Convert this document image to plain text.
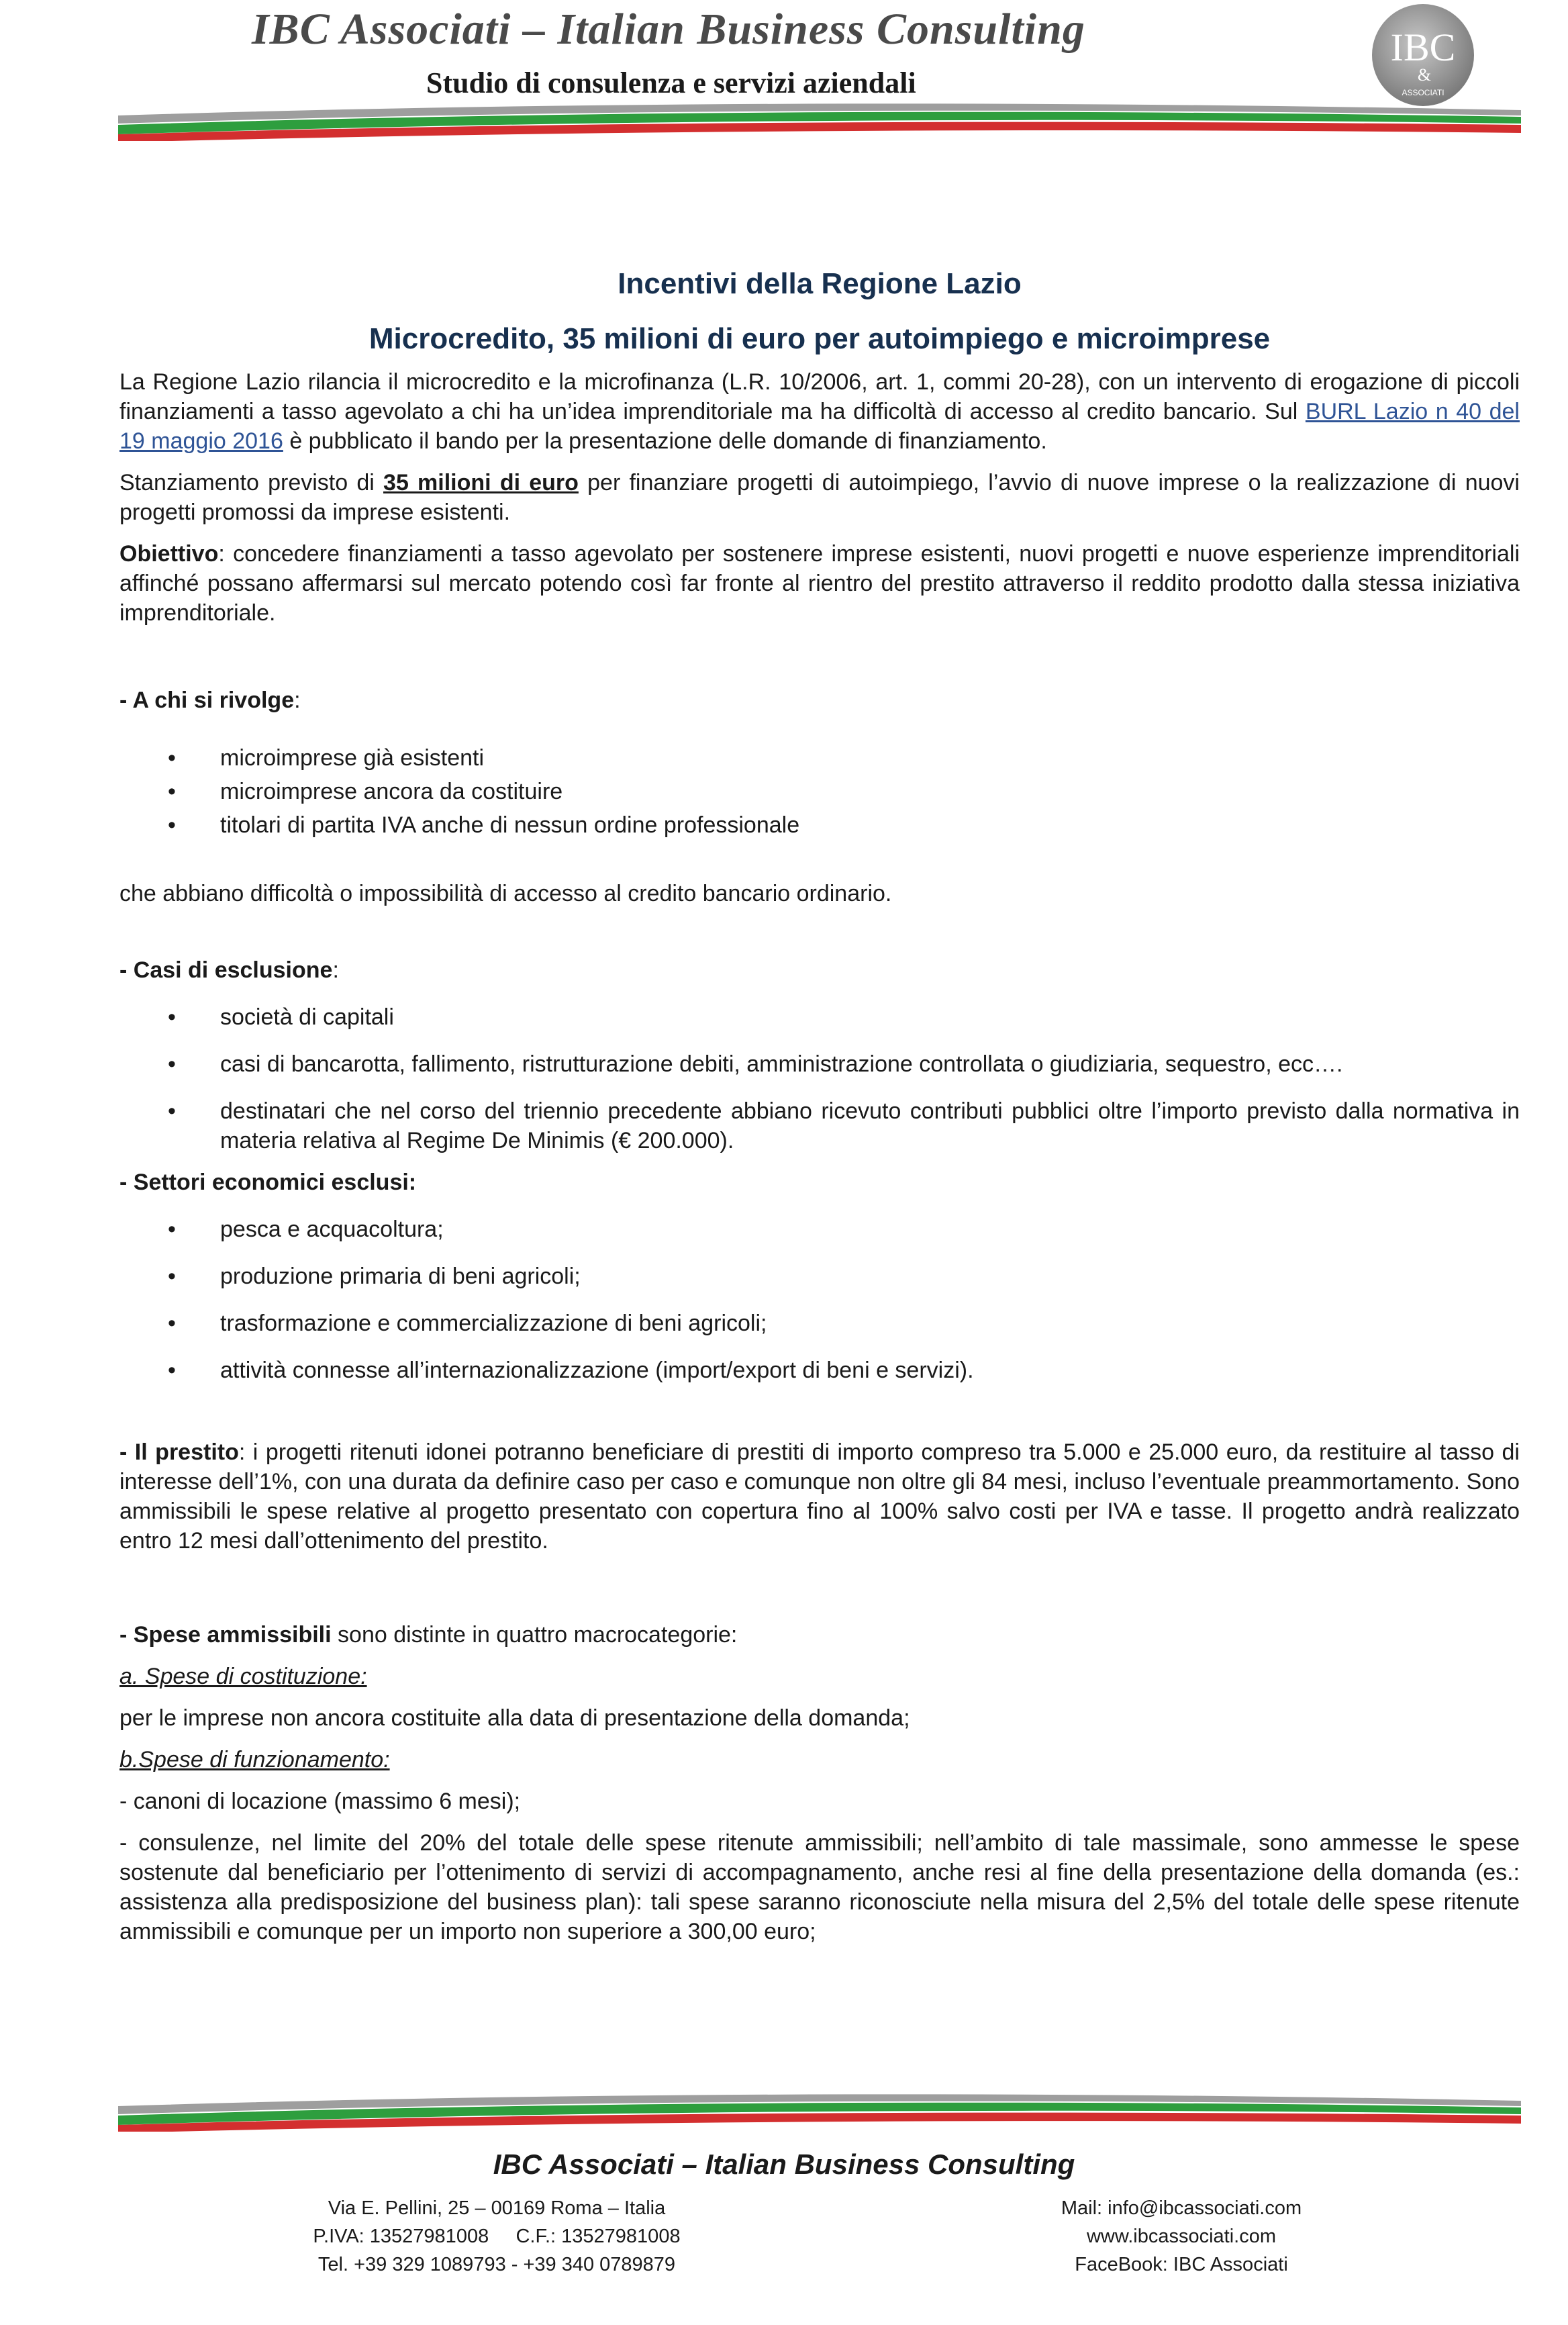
IBC Associati – Italian Business Consulting
Studio di consulenza e servizi aziendali
IBC
&
ASSOCIATI

Incentivi della Regione Lazio

Microcredito, 35 milioni di euro per autoimpiego e microimprese

La Regione Lazio rilancia il microcredito e la microfinanza (L.R. 10/2006, art. 1, commi 20-28), con un intervento di erogazione di piccoli finanziamenti a tasso agevolato a chi ha un’idea imprenditoriale ma ha difficoltà di accesso al credito bancario. Sul BURL Lazio n 40 del 19 maggio 2016 è pubblicato il bando per la presentazione delle domande di finanziamento.

Stanziamento previsto di 35 milioni di euro per finanziare progetti di autoimpiego, l’avvio di nuove imprese o la realizzazione di nuovi progetti promossi da imprese esistenti.

Obiettivo: concedere finanziamenti a tasso agevolato per sostenere imprese esistenti, nuovi progetti e nuove esperienze imprenditoriali affinché possano affermarsi sul mercato potendo così far fronte al rientro del prestito attraverso il reddito prodotto dalla stessa iniziativa imprenditoriale.

- A chi si rivolge:

• microimprese già esistenti
• microimprese ancora da costituire
• titolari di partita IVA anche di nessun ordine professionale

che abbiano difficoltà o impossibilità di accesso al credito bancario ordinario.

- Casi di esclusione:

• società di capitali
• casi di bancarotta, fallimento, ristrutturazione debiti, amministrazione controllata o giudiziaria, sequestro, ecc….
• destinatari che nel corso del triennio precedente abbiano ricevuto contributi pubblici oltre l’importo previsto dalla normativa in materia relativa al Regime De Minimis (€ 200.000).

- Settori economici esclusi:

• pesca e acquacoltura;
• produzione primaria di beni agricoli;
• trasformazione e commercializzazione di beni agricoli;
• attività connesse all’internazionalizzazione (import/export di beni e servizi).

- Il prestito: i progetti ritenuti idonei potranno beneficiare di prestiti di importo compreso tra 5.000 e 25.000 euro, da restituire al tasso di interesse dell’1%, con una durata da definire caso per caso e comunque non oltre gli 84 mesi, incluso l’eventuale preammortamento. Sono ammissibili le spese relative al progetto presentato con copertura fino al 100% salvo costi per IVA e tasse. Il progetto andrà realizzato entro 12 mesi dall’ottenimento del prestito.

- Spese ammissibili sono distinte in quattro macrocategorie:

a. Spese di costituzione:

per le imprese non ancora costituite alla data di presentazione della domanda;

b.Spese di funzionamento:

- canoni di locazione (massimo 6 mesi);

- consulenze, nel limite del 20% del totale delle spese ritenute ammissibili; nell’ambito di tale massimale, sono ammesse le spese sostenute dal beneficiario per l’ottenimento di servizi di accompagnamento, anche resi al fine della presentazione della domanda (es.: assistenza alla predisposizione del business plan): tali spese saranno riconosciute nella misura del 2,5% del totale delle spese ritenute ammissibili e comunque per un importo non superiore a 300,00 euro;

IBC Associati – Italian Business Consulting
Via E. Pellini, 25 – 00169 Roma – Italia
P.IVA: 13527981008     C.F.: 13527981008
Tel. +39 329 1089793 - +39 340 0789879
Mail: info@ibcassociati.com
www.ibcassociati.com
FaceBook: IBC Associati
